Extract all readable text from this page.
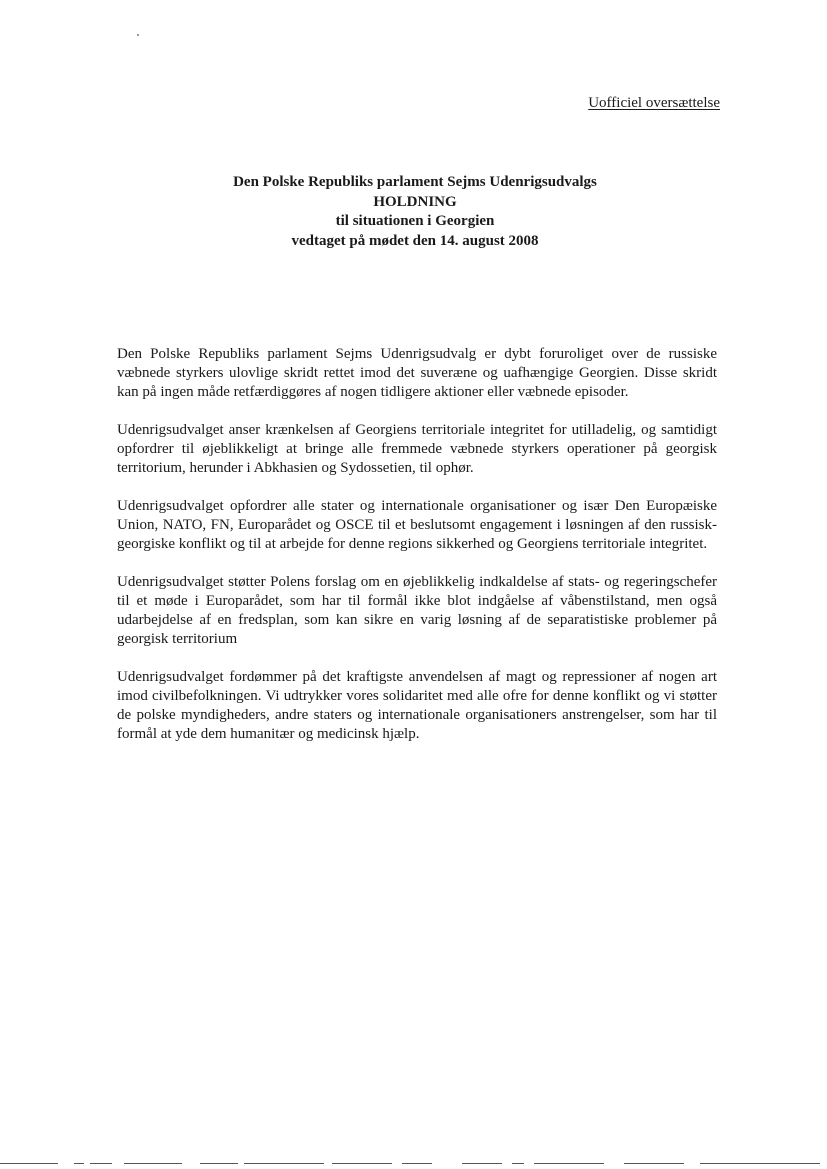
Uofficiel oversættelse
Den Polske Republiks parlament Sejms Udenrigsudvalgs
HOLDNING
til situationen i Georgien
vedtaget på mødet den 14. august 2008

Den Polske Republiks parlament Sejms Udenrigsudvalg er dybt foruroliget over de russiske væbnede styrkers ulovlige skridt rettet imod det suveræne og uafhængige Georgien. Disse skridt kan på ingen måde retfærdiggøres af nogen tidligere aktioner eller væbnede episoder.

Udenrigsudvalget anser krænkelsen af Georgiens territoriale integritet for utilladelig, og samtidigt opfordrer til øjeblikkeligt at bringe alle fremmede væbnede styrkers operationer på georgisk territorium, herunder i Abkhasien og Sydossetien, til ophør.

Udenrigsudvalget opfordrer alle stater og internationale organisationer og især Den Europæiske Union, NATO, FN, Europarådet og OSCE til et beslutsomt engagement i løsningen af den russisk-georgiske konflikt og til at arbejde for denne regions sikkerhed og Georgiens territoriale integritet.

Udenrigsudvalget støtter Polens forslag om en øjeblikkelig indkaldelse af stats- og regeringschefer til et møde i Europarådet, som har til formål ikke blot indgåelse af våbenstilstand, men også udarbejdelse af en fredsplan, som kan sikre en varig løsning af de separatistiske problemer på georgisk territorium

Udenrigsudvalget fordømmer på det kraftigste anvendelsen af magt og repressioner af nogen art imod civilbefolkningen. Vi udtrykker vores solidaritet med alle ofre for denne konflikt og vi støtter de polske myndigheders, andre staters og internationale organisationers anstrengelser, som har til formål at yde dem humanitær og medicinsk hjælp.
